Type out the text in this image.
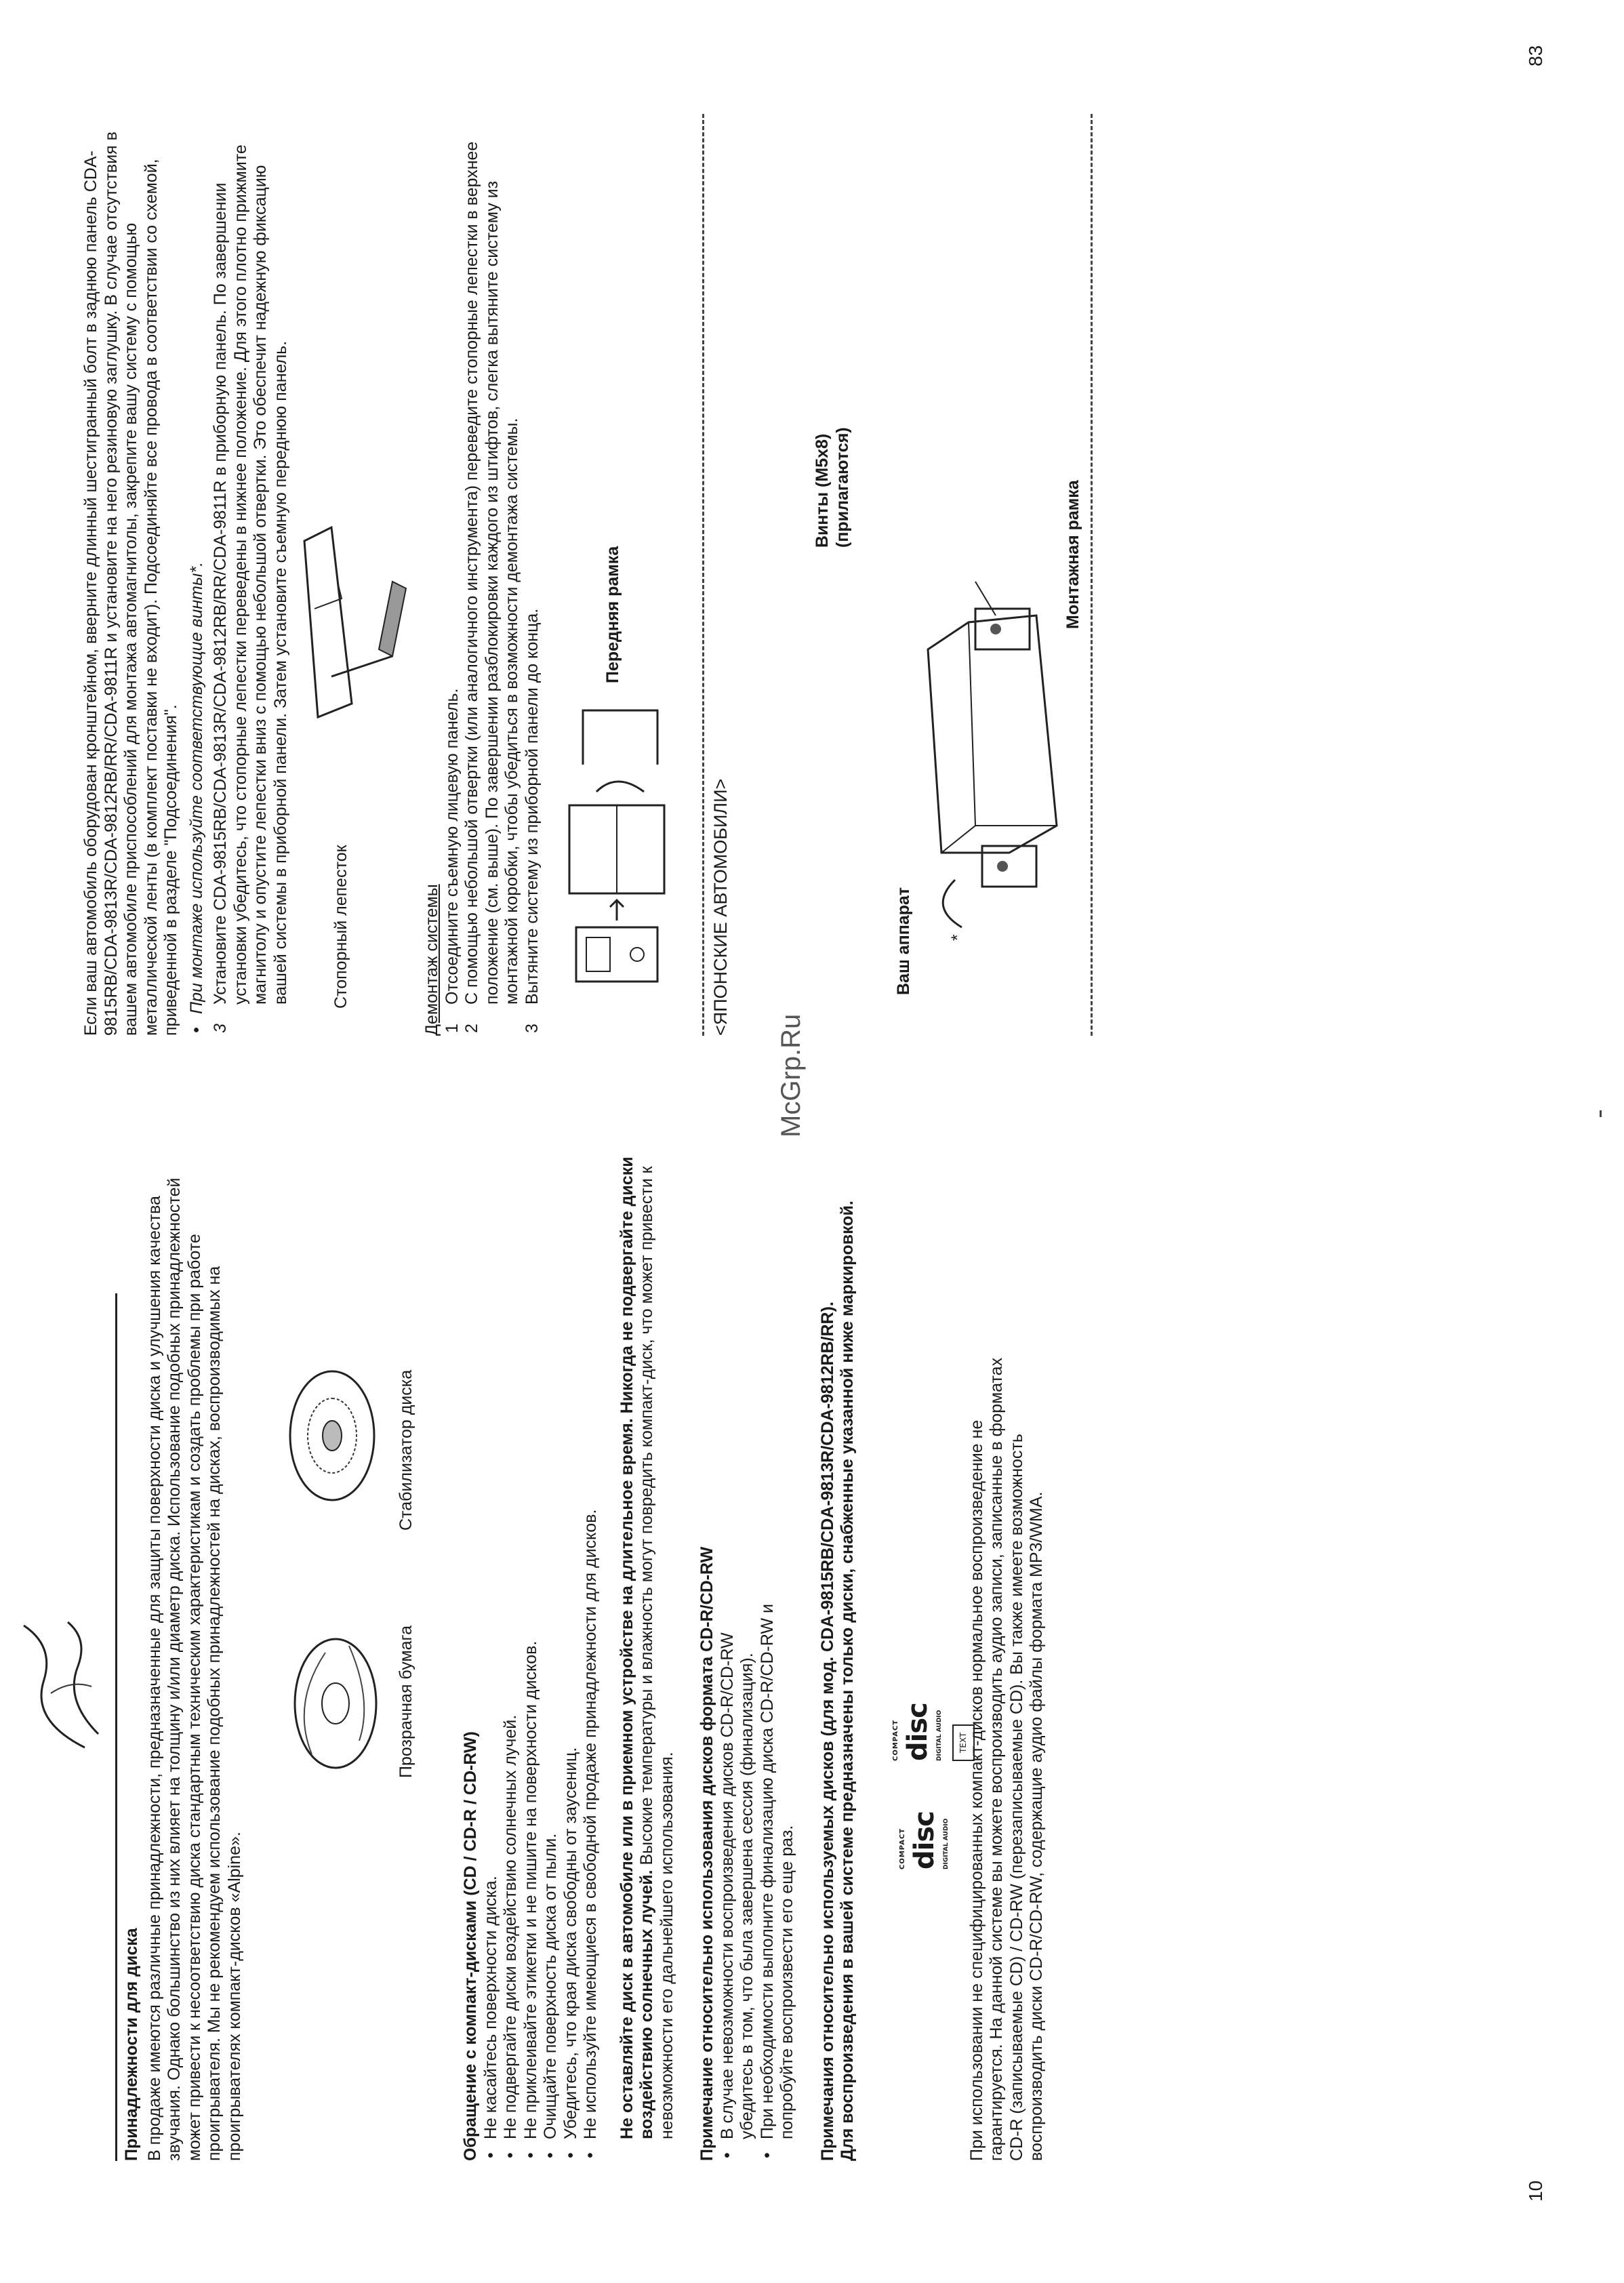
Принадлежности для диска В продаже имеются различные принадлежности, предназначенные для защиты поверхности диска и улучшения качества звучания. Однако большинство из них влияет на толщину и/или диаметр диска. Использование подобных принадлежностей может привести к несоответствию диска стандартным техническим характеристикам и создать проблемы при работе проигрывателя. Мы не рекомендуем использование подобных принадлежностей на дисках, воспроизводимых на проигрывателях компакт-дисков «Alpine».

Прозрачная бумага
Стабилизатор диска
Обращение с компакт-дисками (CD / CD-R / CD-RW) • Не касайтесь поверхности диска. • Не подвергайте диски воздействию солнечных лучей. • Не приклеивайте этикетки и не пишите на поверхности дисков. • Очищайте поверхность диска от пыли. • Убедитесь, что края диска свободны от заусениц. • Не используйте имеющиеся в свободной продаже принадлежности для дисков. Не оставляйте диск в автомобиле или в приемном устройстве на длительное время. Никогда не подвергайте диски воздействию солнечных лучей. Высокие температуры и влажность могут повредить компакт-диск, что может привести к невозможности его дальнейшего использования. Примечание относительно использования дисков формата CD-R/CD-RW • В случае невозможности воспроизведения дисков CD-R/CD-RW убедитесь в том, что была завершена сессия (финализация). • При необходимости выполните финализацию диска CD-R/CD-RW и попробуйте воспроизвести его еще раз. Примечания относительно используемых дисков (для мод. CDA-9815RB/CDA-9813R/CDA-9812RB/RR). Для воспроизведения в вашей системе предназначены только диски, снабженные указанной ниже маркировкой.	COMPACT disc DIGITAL AUDIO
COMPACT disc DIGITAL AUDIO	TEXT При использовании не специфицированных компакт-дисков нормальное воспроизведение не гарантируется. На данной системе вы можете воспроизводить аудио записи, записанные в форматах CD-R (записываемые CD) / CD-RW (перезаписываемые CD). Вы также имеете возможность воспроизводить диски CD-R/CD-RW, содержащие аудио файлы формата MP3/WMA.

Если ваш автомобиль оборудован кронштейном, вверните длинный шестигранный болт в заднюю панель CDA-9815RB/CDA-9813R/CDA-9812RB/RR/CDA-9811R и установите на него резиновую заглушку. В случае отсутствия в вашем автомобиле приспособлений для монтажа автомагнитолы, закрепите вашу систему с помощью металлической ленты (в комплект поставки не входит). Подсоединяйте все провода в соответствии со схемой, приведенной в разделе "Подсоединения". • При монтаже используйте соответствующие винты*.

3
Установите CDA-9815RB/CDA-9813R/CDA-9812RB/RR/CDA-9811R в приборную панель. По завершении установки убедитесь, что стопорные лепестки переведены в нижнее положение. Для этого плотно прижмите магнитолу и опустите лепестки вниз с помощью небольшой отвертки. Это обеспечит надежную фиксацию вашей системы в приборной панели. Затем установите съемную переднюю панель. Стопорный лепесток	Демонтаж системы 1
Отсоедините съемную лицевую панель.

2
С помощью небольшой отвертки (или аналогичного инструмента) переведите стопорные лепестки в верхнее положение (см. выше). По завершении разблокировки каждого из штифтов, слегка вытяните систему из монтажной коробки, чтобы убедиться в возможности демонтажа системы.

3
Вытяните систему из приборной панели до конца.	Передняя рамка
<ЯПОНСКИЕ АВТОМОБИЛИ>	Ваш аппарат
Винты (M5x8) (прилагаются)	Монтажная рамка
*
McGrp.Ru
10
83
